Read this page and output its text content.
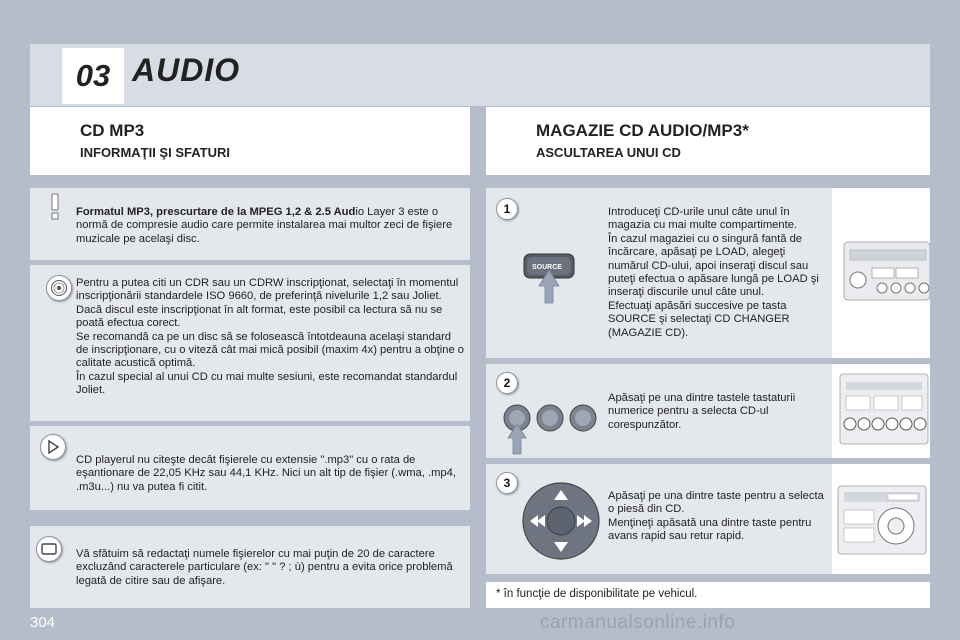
03 AUDIO
CD MP3
INFORMAŢII ŞI SFATURI
MAGAZIE CD AUDIO/MP3*
ASCULTAREA UNUI CD
Formatul MP3, prescurtare de la MPEG 1,2 & 2.5 Audio Layer 3 este o normă de compresie audio care permite instalarea mai multor zeci de fişiere muzicale pe acelaşi disc.
Pentru a putea citi un CDR sau un CDRW inscripţionat, selectaţi în momentul inscripţionării standardele ISO 9660, de preferinţă nivelurile 1,2 sau Joliet.
Dacă discul este inscripţionat în alt format, este posibil ca lectura să nu se poată efectua corect.
Se recomandă ca pe un disc să se folosească întotdeauna acelaşi standard de inscripţionare, cu o viteză cât mai mică posibil (maxim 4x) pentru a obţine o calitate acustică optimă.
În cazul special al unui CD cu mai multe sesiuni, este recomandat standardul Joliet.
CD playerul nu citeşte decât fişierele cu extensie ".mp3" cu o rata de eşantionare de 22,05 KHz sau 44,1 KHz. Nici un alt tip de fişier (.wma, .mp4, .m3u...) nu va putea fi citit.
Vă sfătuim să redactaţi numele fişierelor cu mai puţin de 20 de caractere excluzând caracterele particulare (ex: " " ? ; ù) pentru a evita orice problemă legată de citire sau de afişare.
1
SOURCE
Introduceţi CD-urile unul câte unul în magazia cu mai multe compartimente.
În cazul magaziei cu o singură fantă de încărcare, apăsaţi pe LOAD, alegeţi numărul CD-ului, apoi inseraţi discul sau puteţi efectua o apăsare lungă pe LOAD şi inseraţi discurile unul câte unul.
Efectuaţi apăsări succesive pe tasta SOURCE şi selectaţi CD CHANGER (MAGAZIE CD).
2
Apăsaţi pe una dintre tastele tastaturii numerice pentru a selecta CD-ul corespunzător.
3
Apăsaţi pe una dintre taste pentru a selecta o piesă din CD.
Menţineţi apăsată una dintre taste pentru avans rapid sau retur rapid.
* în funcţie de disponibilitate pe vehicul.
304	carmanualsonline.info
